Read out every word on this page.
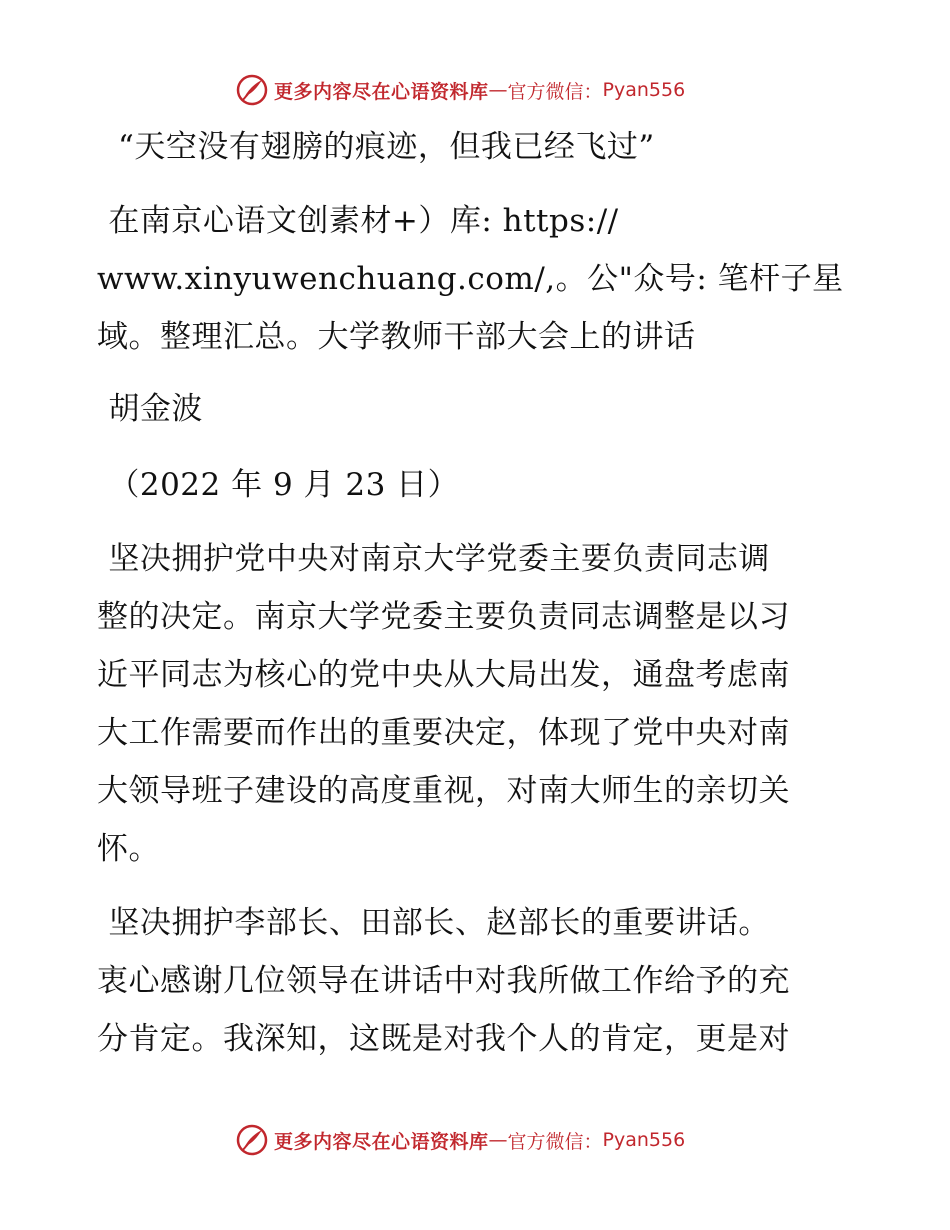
更多内容尽在心语资料库 — 官方微信： Pyan556
“天空没有翅膀的痕迹，但我已经飞过”
在南京心语文创素材+）库: https://
www.xinyuwenchuang.com/,。公"众号: 笔杆子星
域。整理汇总。大学教师干部大会上的讲话
胡金波
（2022 年 9 月 23 日）
坚决拥护党中央对南京大学党委主要负责同志调
整的决定。南京大学党委主要负责同志调整是以习
近平同志为核心的党中央从大局出发，通盘考虑南
大工作需要而作出的重要决定，体现了党中央对南
大领导班子建设的高度重视，对南大师生的亲切关
怀。
坚决拥护李部长、田部长、赵部长的重要讲话。
衷心感谢几位领导在讲话中对我所做工作给予的充
分肯定。我深知，这既是对我个人的肯定，更是对
更多内容尽在心语资料库 — 官方微信： Pyan556
